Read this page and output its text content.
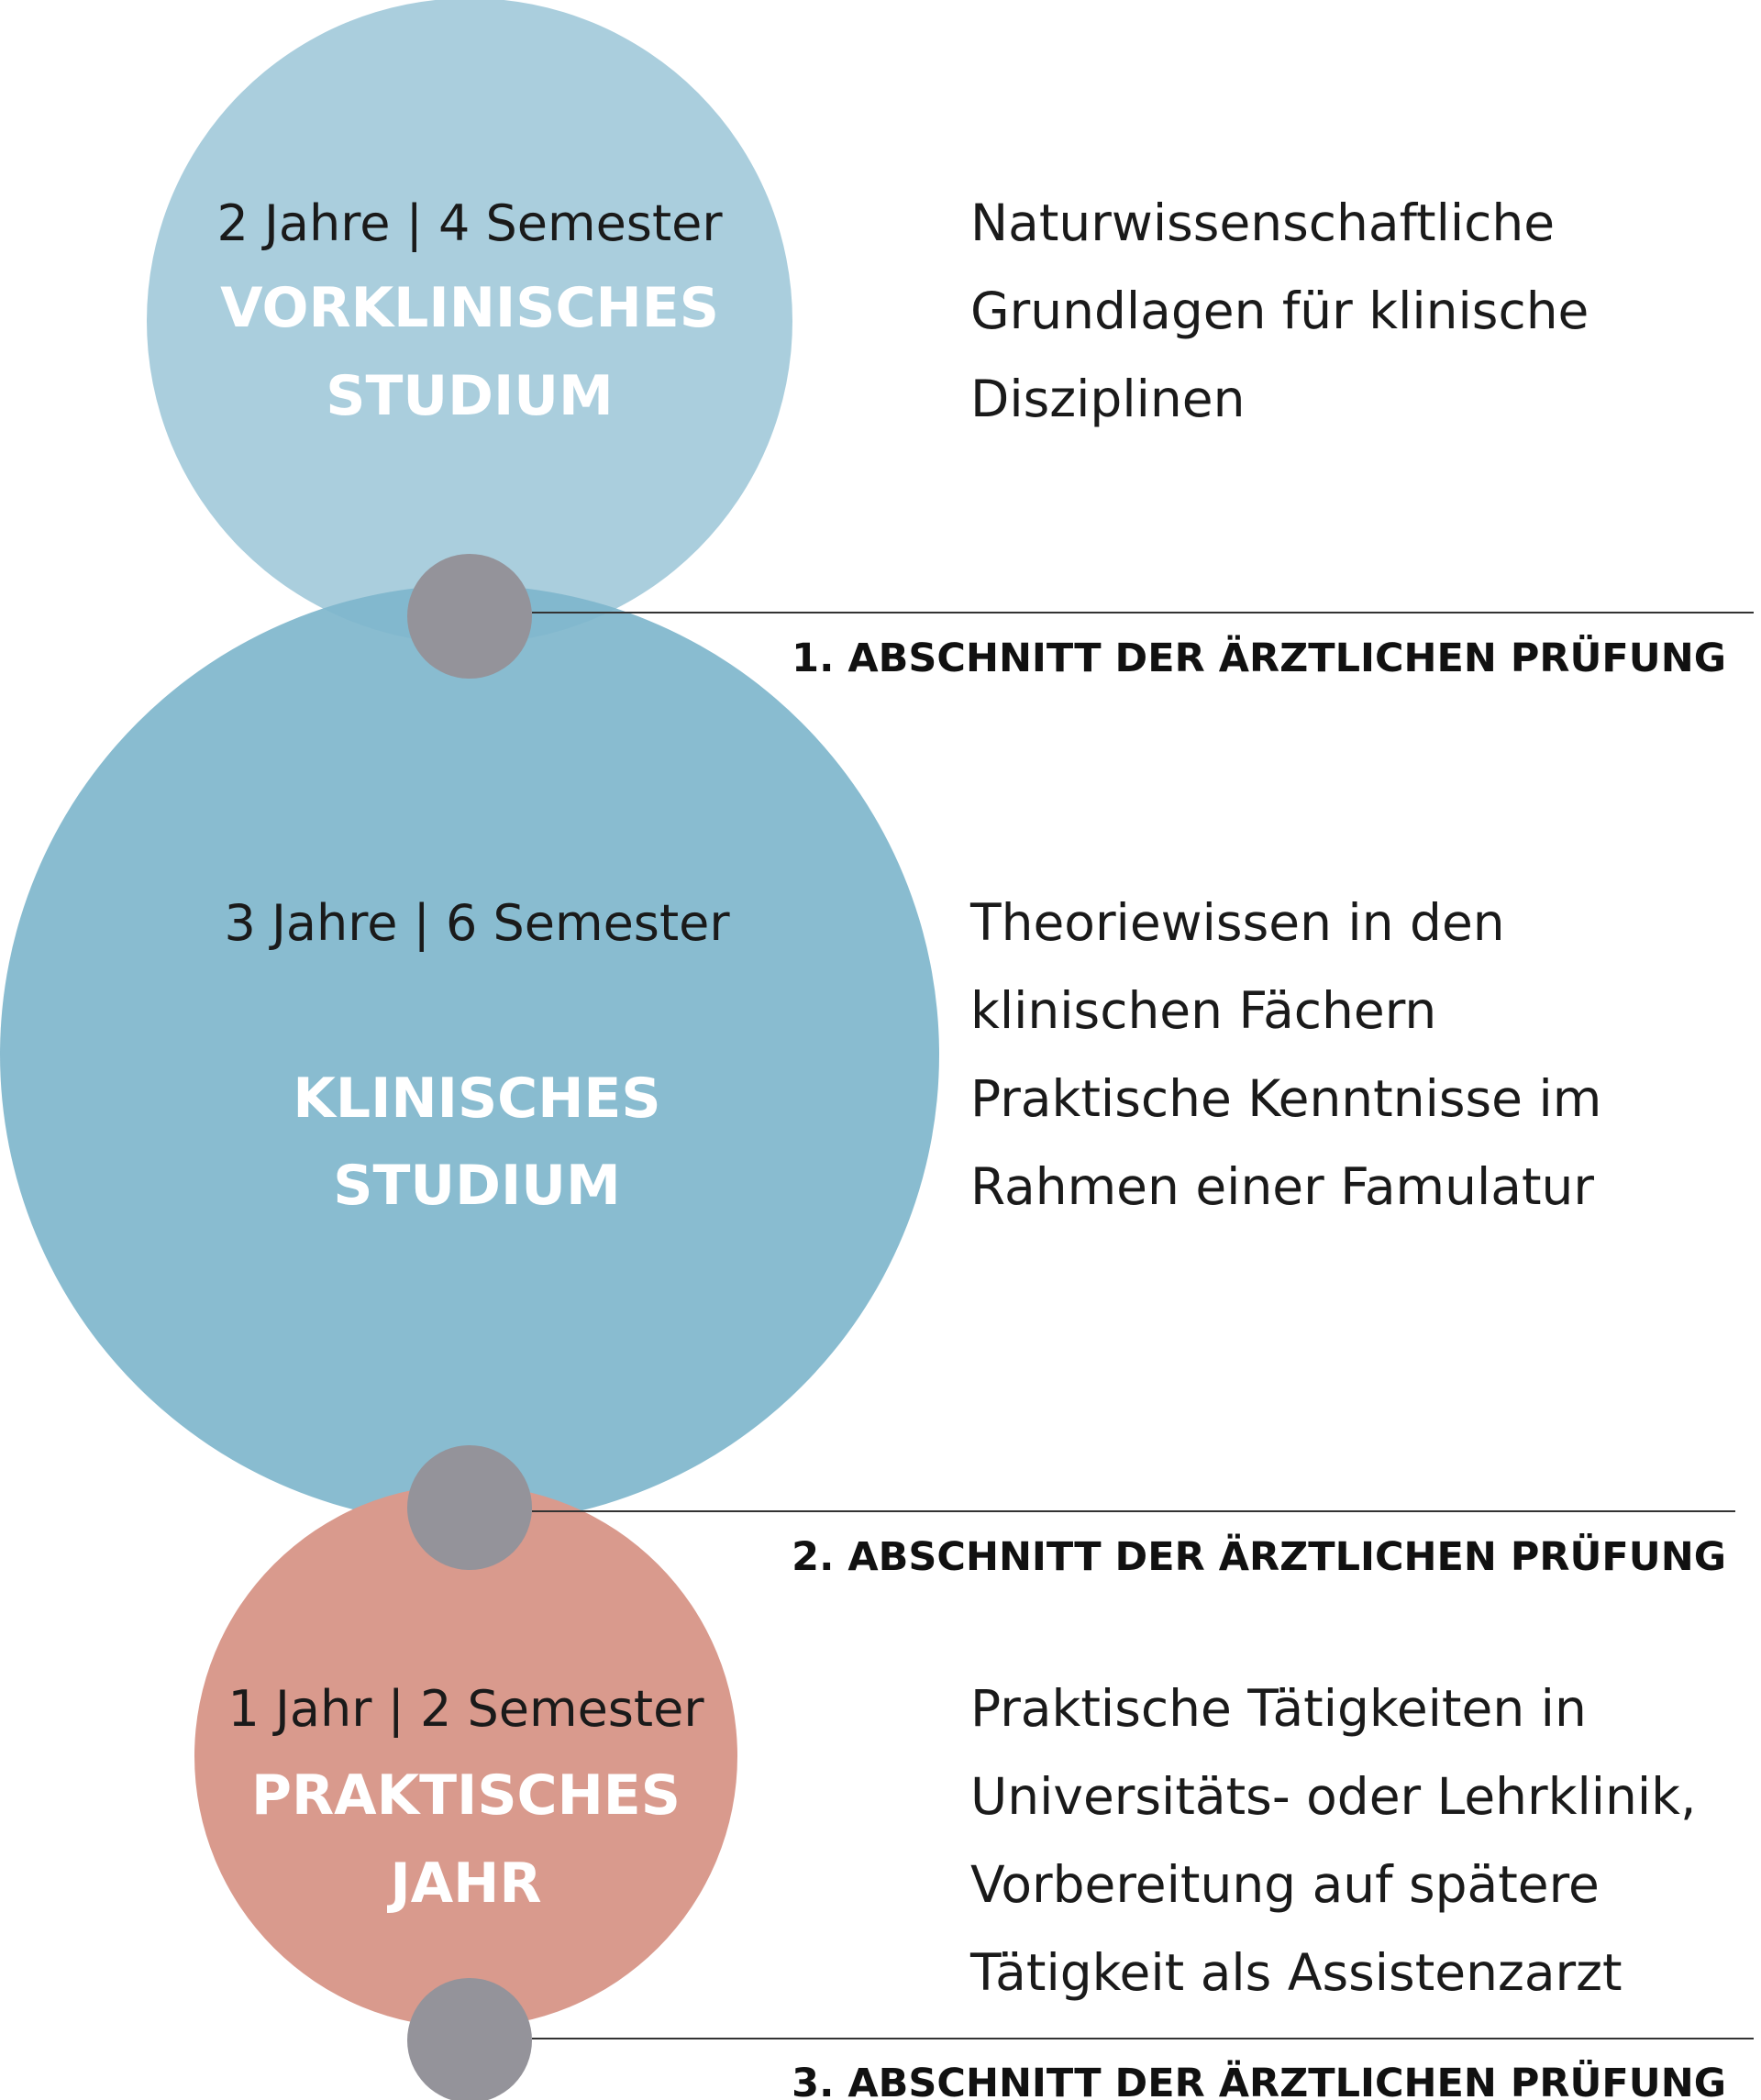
2 Jahre | 4 Semester
VORKLINISCHES
STUDIUM
Naturwissenschaftliche
Grundlagen für klinische
Disziplinen
1. ABSCHNITT DER ÄRZTLICHEN PRÜFUNG
3 Jahre | 6 Semester
KLINISCHES
STUDIUM
Theoriewissen in den
klinischen Fächern
Praktische Kenntnisse im
Rahmen einer Famulatur
2. ABSCHNITT DER ÄRZTLICHEN PRÜFUNG
1 Jahr | 2 Semester
PRAKTISCHES
JAHR
Praktische Tätigkeiten in
Universitäts- oder Lehrklinik,
Vorbereitung auf spätere
Tätigkeit als Assistenzarzt
3. ABSCHNITT DER ÄRZTLICHEN PRÜFUNG
